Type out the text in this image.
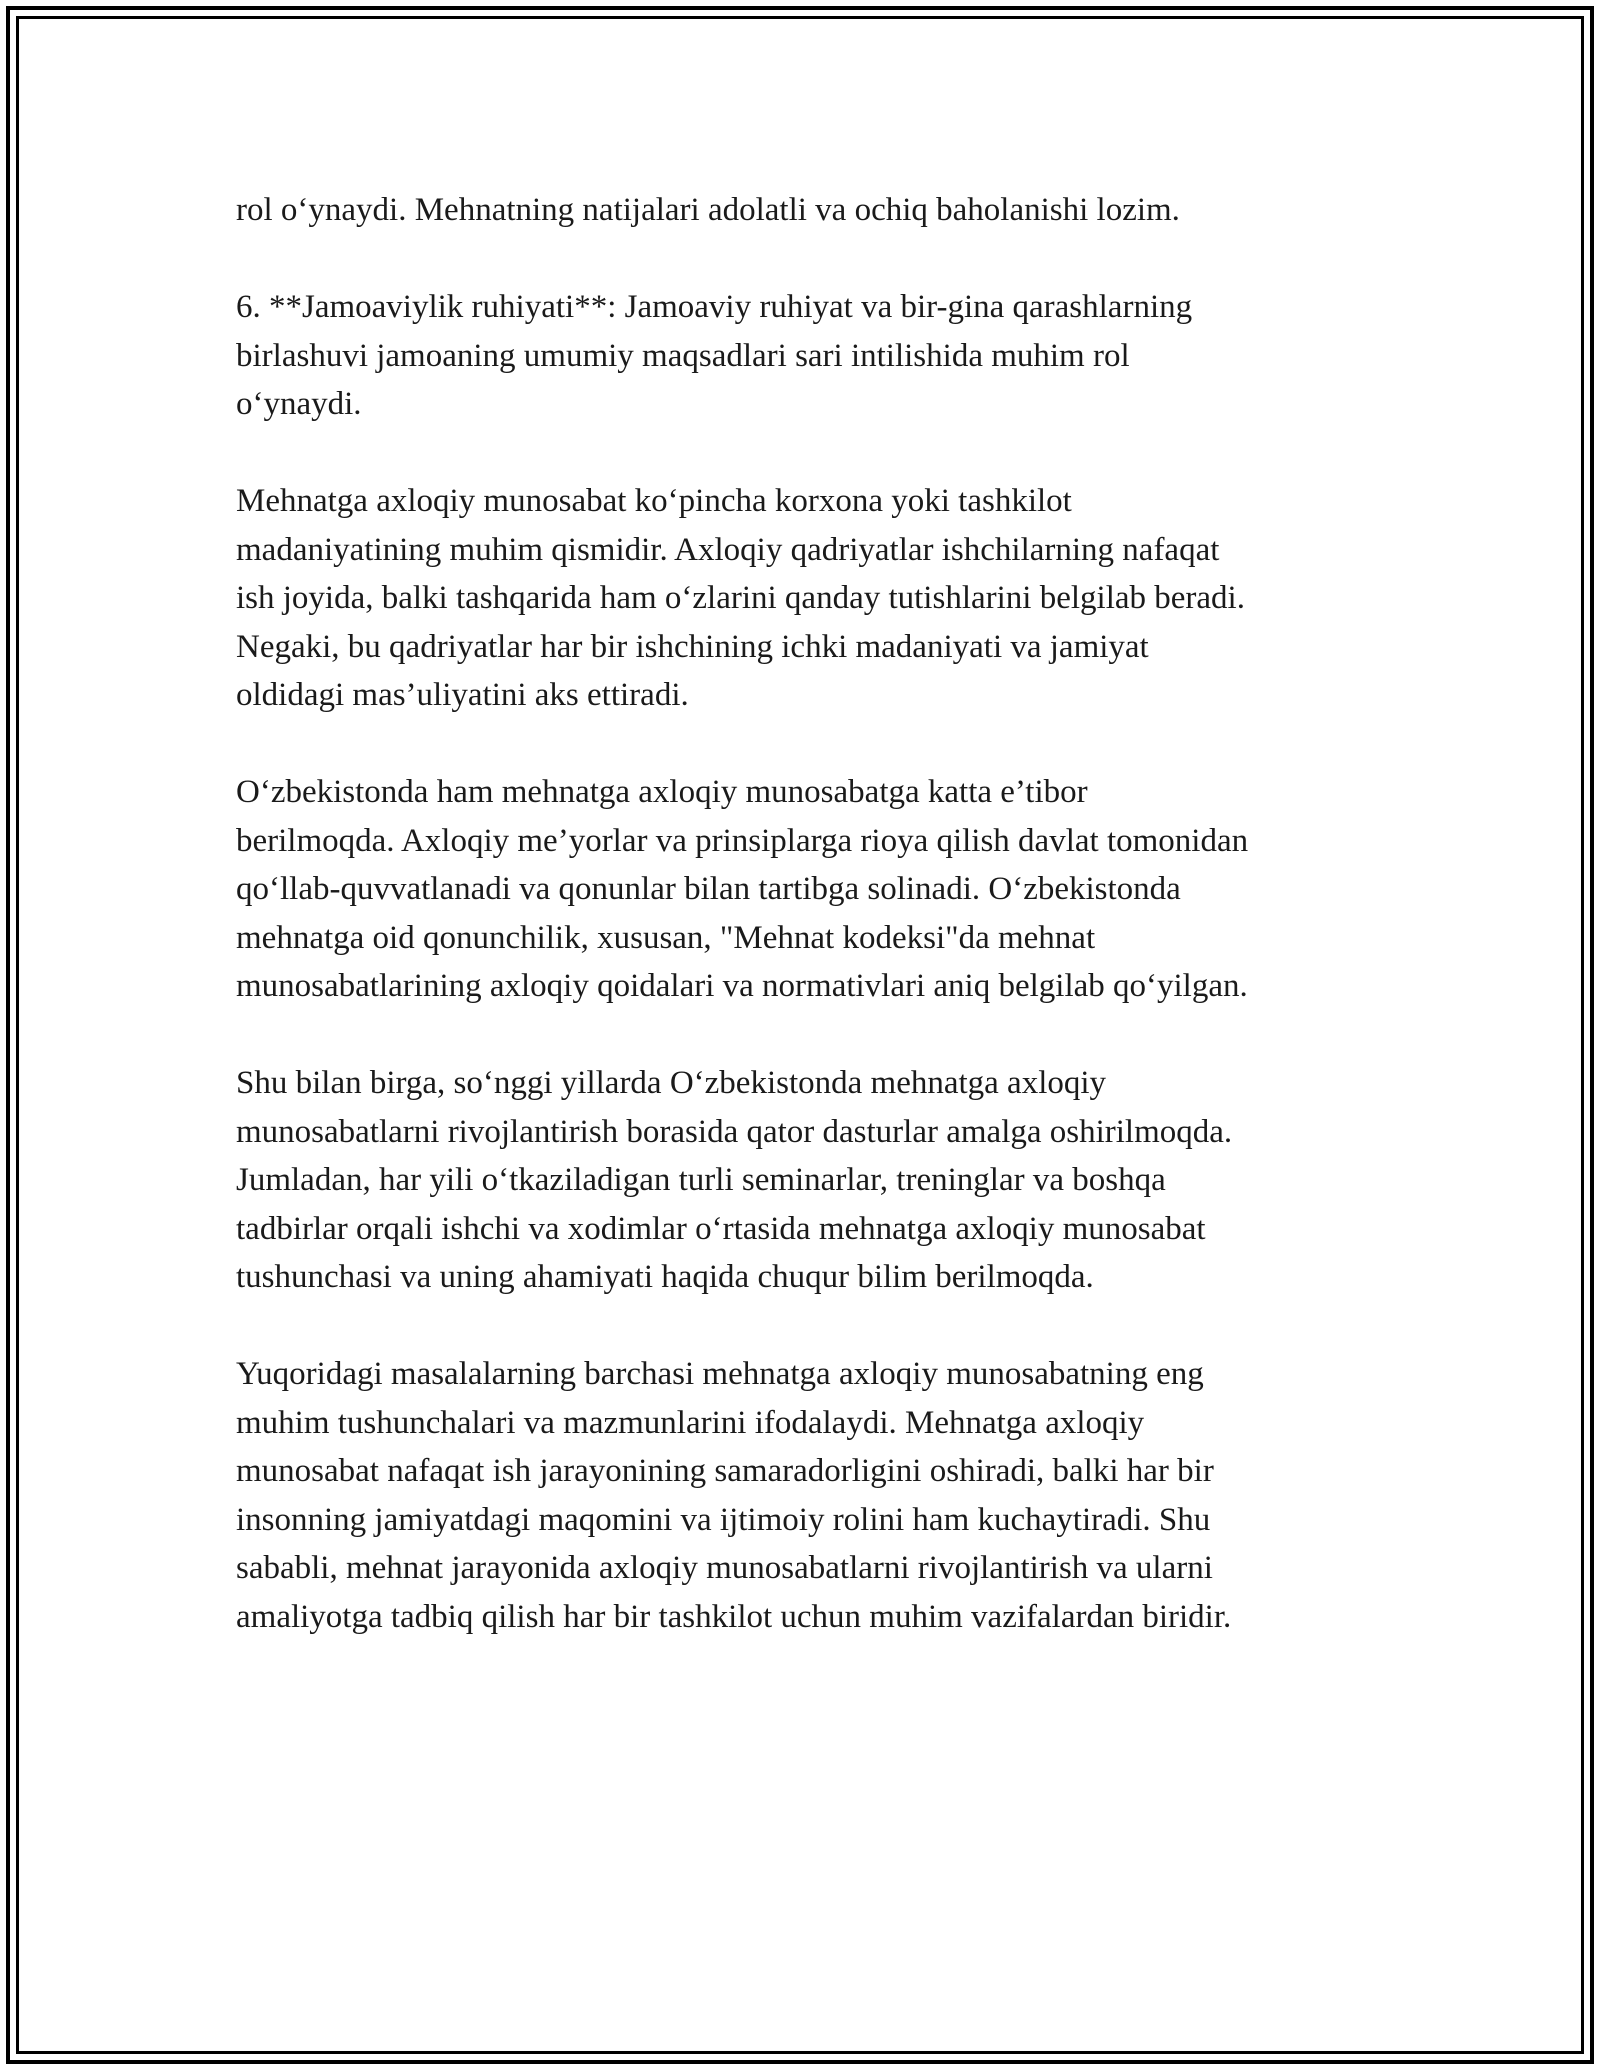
rol o‘ynaydi. Mehnatning natijalari adolatli va ochiq baholanishi lozim.

6. **Jamoaviylik ruhiyati**: Jamoaviy ruhiyat va bir-gina qarashlarning
birlashuvi jamoaning umumiy maqsadlari sari intilishida muhim rol
o‘ynaydi.

Mehnatga axloqiy munosabat ko‘pincha korxona yoki tashkilot
madaniyatining muhim qismidir. Axloqiy qadriyatlar ishchilarning nafaqat
ish joyida, balki tashqarida ham o‘zlarini qanday tutishlarini belgilab beradi.
Negaki, bu qadriyatlar har bir ishchining ichki madaniyati va jamiyat
oldidagi mas’uliyatini aks ettiradi.

O‘zbekistonda ham mehnatga axloqiy munosabatga katta e’tibor
berilmoqda. Axloqiy me’yorlar va prinsiplarga rioya qilish davlat tomonidan
qo‘llab-quvvatlanadi va qonunlar bilan tartibga solinadi. O‘zbekistonda
mehnatga oid qonunchilik, xususan, "Mehnat kodeksi"da mehnat
munosabatlarining axloqiy qoidalari va normativlari aniq belgilab qo‘yilgan.

Shu bilan birga, so‘nggi yillarda O‘zbekistonda mehnatga axloqiy
munosabatlarni rivojlantirish borasida qator dasturlar amalga oshirilmoqda.
Jumladan, har yili o‘tkaziladigan turli seminarlar, treninglar va boshqa
tadbirlar orqali ishchi va xodimlar o‘rtasida mehnatga axloqiy munosabat
tushunchasi va uning ahamiyati haqida chuqur bilim berilmoqda.

Yuqoridagi masalalarning barchasi mehnatga axloqiy munosabatning eng
muhim tushunchalari va mazmunlarini ifodalaydi. Mehnatga axloqiy
munosabat nafaqat ish jarayonining samaradorligini oshiradi, balki har bir
insonning jamiyatdagi maqomini va ijtimoiy rolini ham kuchaytiradi. Shu
sababli, mehnat jarayonida axloqiy munosabatlarni rivojlantirish va ularni
amaliyotga tadbiq qilish har bir tashkilot uchun muhim vazifalardan biridir.
